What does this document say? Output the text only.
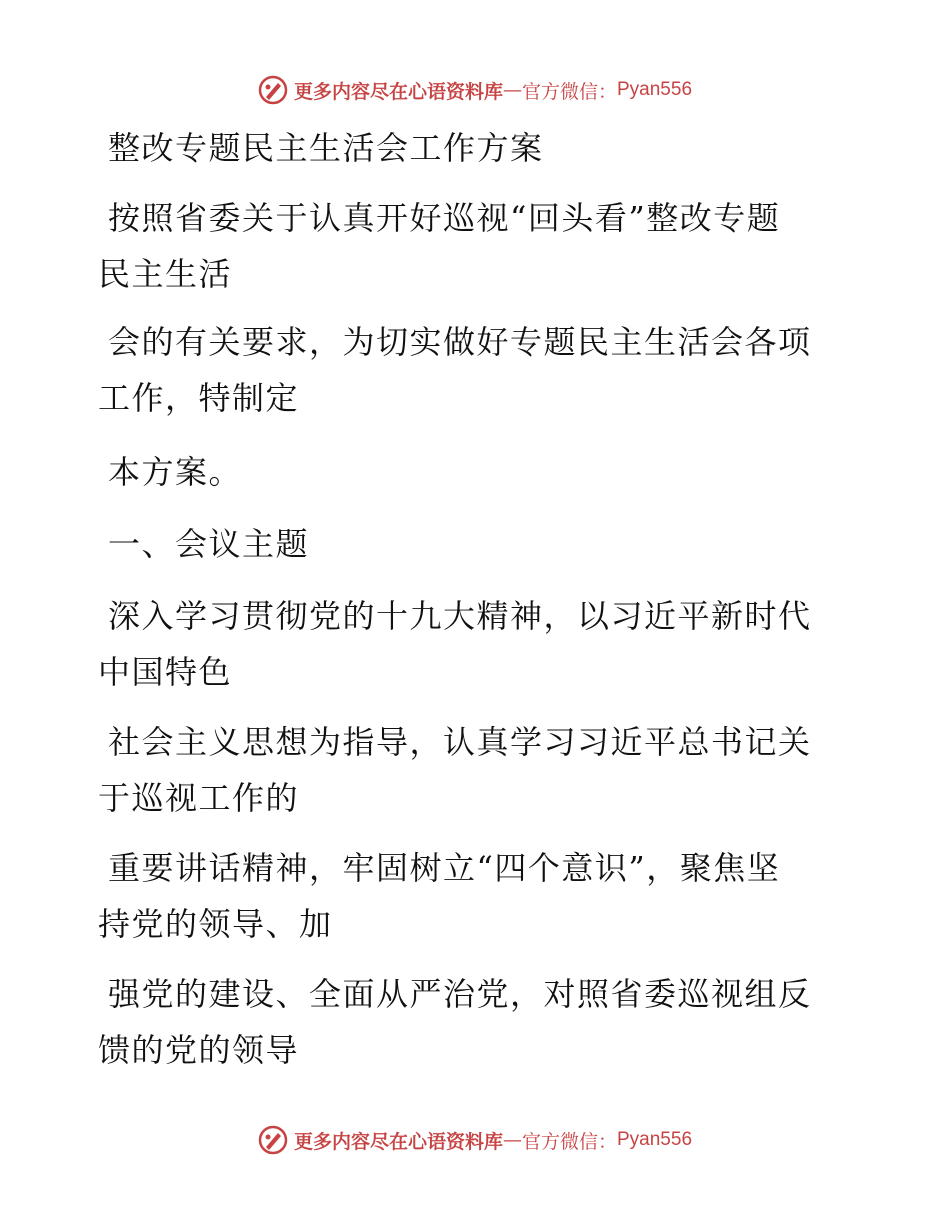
更多内容尽在心语资料库 — 官方微信： Pyan556
整改专题民主生活会工作方案
按照省委关于认真开好巡视“回头看”整改专题
民主生活
会的有关要求，为切实做好专题民主生活会各项
工作，特制定
本方案。
一、会议主题
深入学习贯彻党的十九大精神，以习近平新时代
中国特色
社会主义思想为指导，认真学习习近平总书记关
于巡视工作的
重要讲话精神，牢固树立“四个意识”，聚焦坚
持党的领导、加
强党的建设、全面从严治党，对照省委巡视组反
馈的党的领导
更多内容尽在心语资料库 — 官方微信： Pyan556
